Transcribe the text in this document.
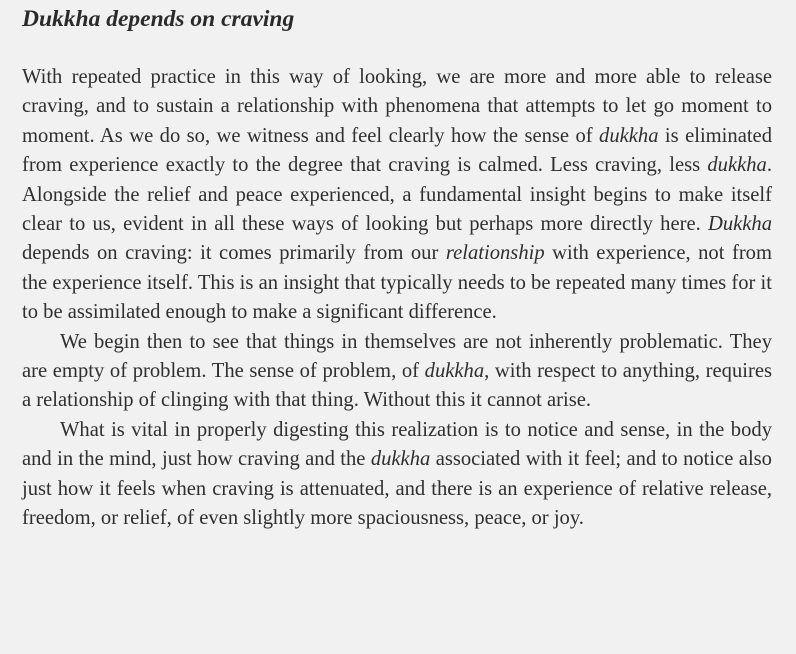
Dukkha depends on craving

With repeated practice in this way of looking, we are more and more able to release craving, and to sustain a relationship with phenomena that attempts to let go moment to moment. As we do so, we witness and feel clearly how the sense of dukkha is eliminated from experience exactly to the degree that craving is calmed. Less craving, less dukkha. Alongside the relief and peace experienced, a fundamental insight begins to make itself clear to us, evident in all these ways of looking but perhaps more directly here. Dukkha depends on craving: it comes primarily from our relationship with experience, not from the experience itself. This is an insight that typically needs to be repeated many times for it to be assimilated enough to make a significant difference.

We begin then to see that things in themselves are not inherently problematic. They are empty of problem. The sense of problem, of dukkha, with respect to anything, requires a relationship of clinging with that thing. Without this it cannot arise.

What is vital in properly digesting this realization is to notice and sense, in the body and in the mind, just how craving and the dukkha associated with it feel; and to notice also just how it feels when craving is attenuated, and there is an experience of relative release, freedom, or relief, of even slightly more spaciousness, peace, or joy.
